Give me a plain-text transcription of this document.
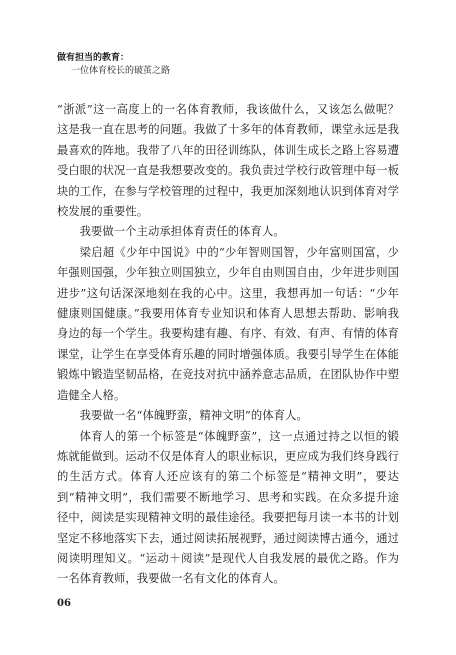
做有担当的教育：
一位体育校长的破茧之路

“浙派”这一高度上的一名体育教师，我该做什么，又该怎么做呢？这是我一直在思考的问题。我做了十多年的体育教师，课堂永远是我最喜欢的阵地。我带了八年的田径训练队，体训生成长之路上容易遭受白眼的状况一直是我想要改变的。我负责过学校行政管理中每一板块的工作，在参与学校管理的过程中，我更加深刻地认识到体育对学校发展的重要性。

我要做一个主动承担体育责任的体育人。

梁启超《少年中国说》中的“少年智则国智，少年富则国富，少年强则国强，少年独立则国独立，少年自由则国自由，少年进步则国进步”这句话深深地刻在我的心中。这里，我想再加一句话：“少年健康则国健康。”我要用体育专业知识和体育人思想去帮助、影响我身边的每一个学生。我要构建有趣、有序、有效、有声、有情的体育课堂，让学生在享受体育乐趣的同时增强体质。我要引导学生在体能锻炼中锻造坚韧品格，在竞技对抗中涵养意志品质，在团队协作中塑造健全人格。

我要做一名“体魄野蛮，精神文明”的体育人。

体育人的第一个标签是“体魄野蛮”，这一点通过持之以恒的锻炼就能做到。运动不仅是体育人的职业标识，更应成为我们终身践行的生活方式。体育人还应该有的第二个标签是“精神文明”，要达到“精神文明”，我们需要不断地学习、思考和实践。在众多提升途径中，阅读是实现精神文明的最佳途径。我要把每月读一本书的计划坚定不移地落实下去，通过阅读拓展视野，通过阅读博古通今，通过阅读明理知义。“运动＋阅读”是现代人自我发展的最优之路。作为一名体育教师，我要做一名有文化的体育人。

06
